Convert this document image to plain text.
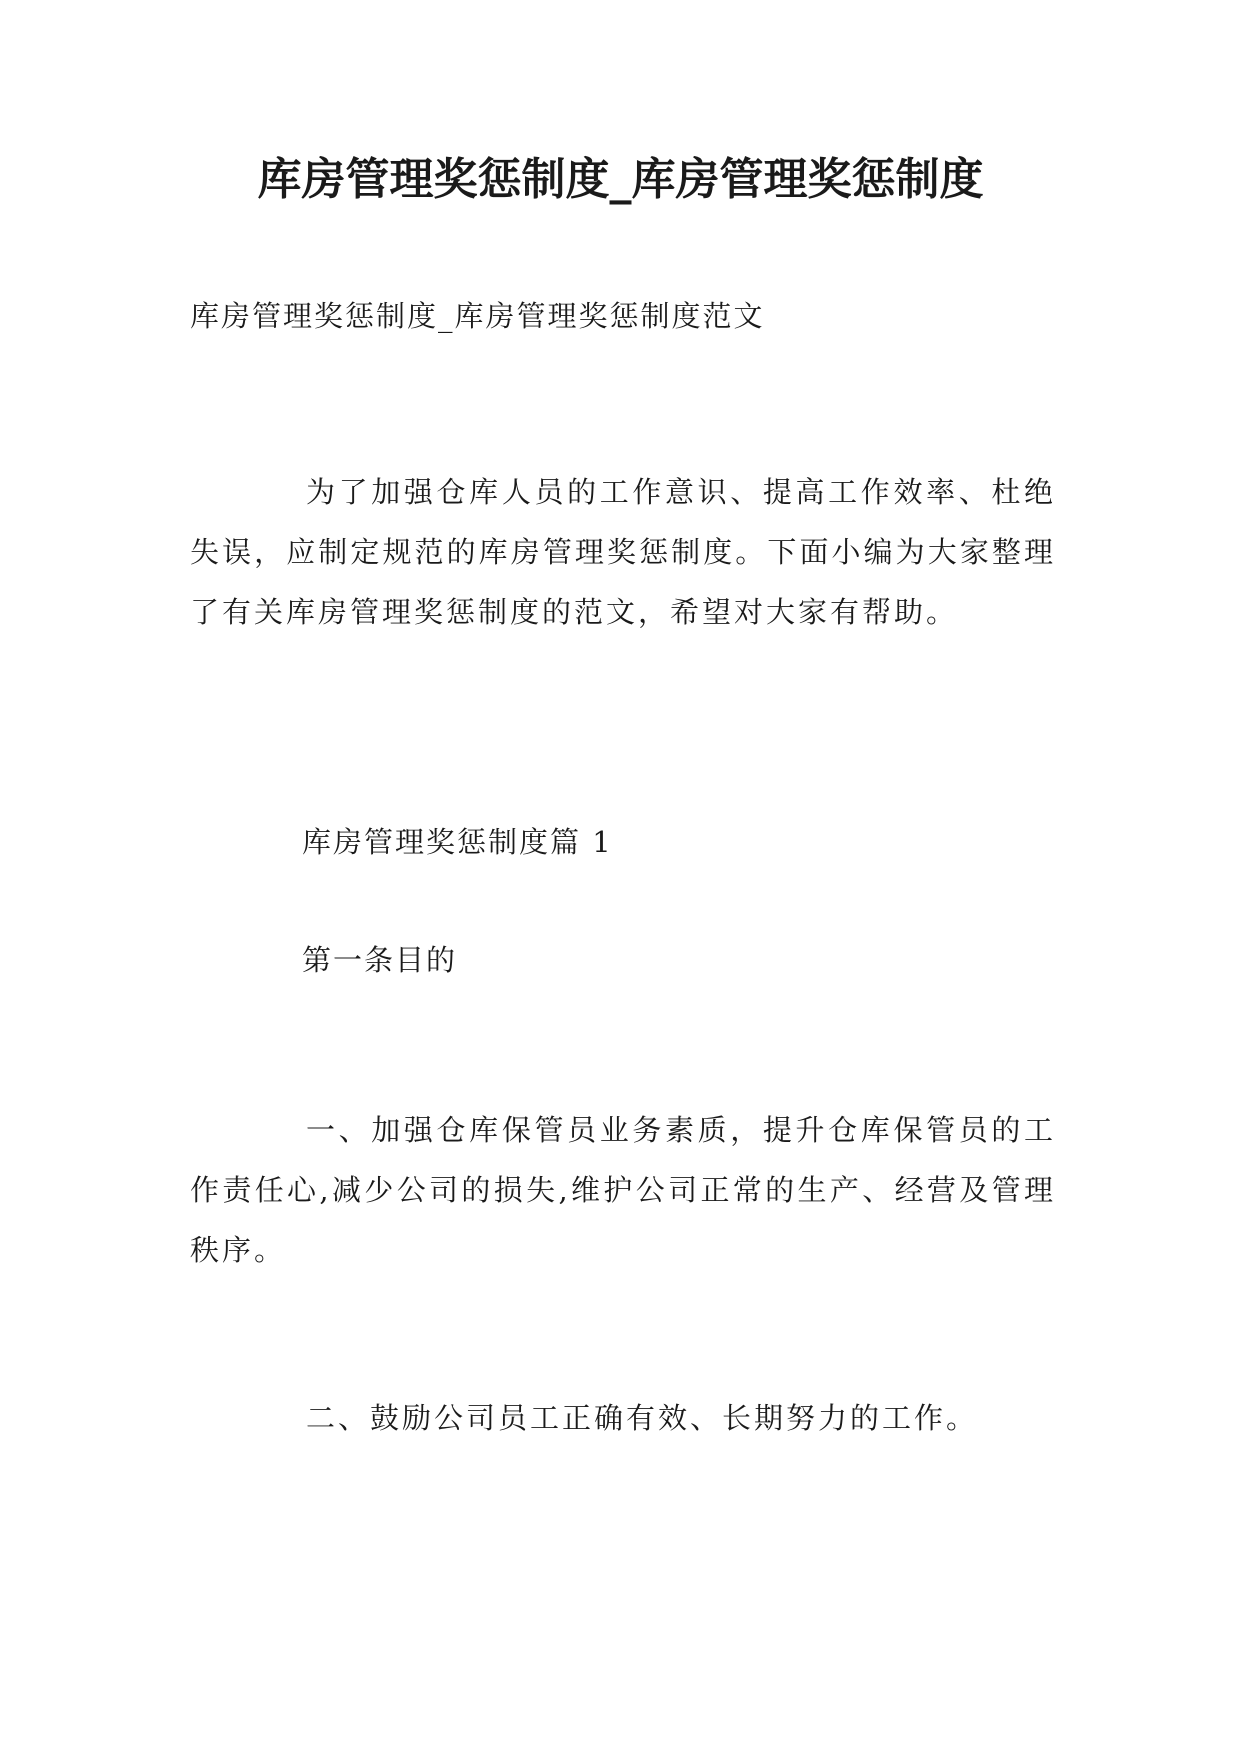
库房管理奖惩制度_库房管理奖惩制度
库房管理奖惩制度_库房管理奖惩制度范文

为了加强仓库人员的工作意识、提高工作效率、杜绝失误，应制定规范的库房管理奖惩制度。下面小编为大家整理了有关库房管理奖惩制度的范文，希望对大家有帮助。

库房管理奖惩制度篇 1
第一条目的

一、加强仓库保管员业务素质，提升仓库保管员的工作责任心,减少公司的损失,维护公司正常的生产、经营及管理秩序。

二、鼓励公司员工正确有效、长期努力的工作。
